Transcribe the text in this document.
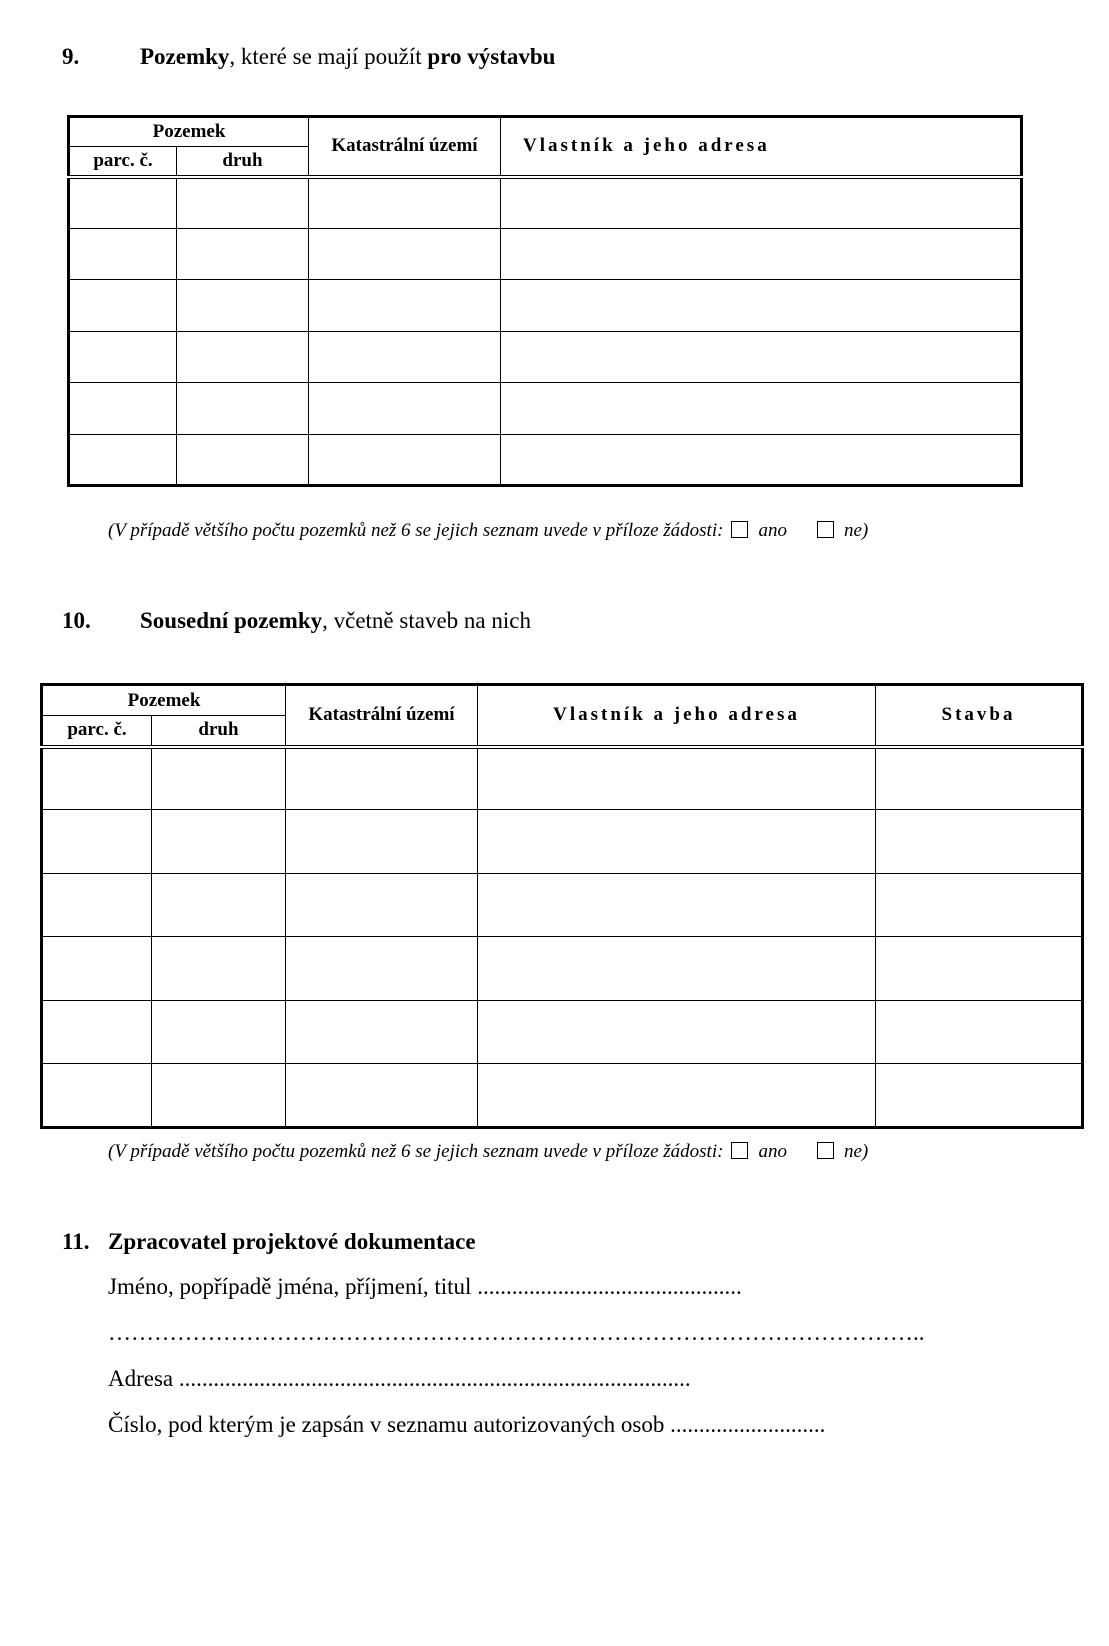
9.	Pozemky, které se mají použít pro výstavbu
Pozemek		Katastrální území	Vlastník a jeho adresa
parc. č.	druh		

(V případě většího počtu pozemků než 6 se jejich seznam uvede v příloze žádosti: ano	ne)
10. Sousední pozemky, včetně staveb na nich
Pozemek		Katastrální území	Vlastník a jeho adresa	Stavba
parc. č.	druh			

(V případě většího počtu pozemků než 6 se jejich seznam uvede v příloze žádosti: ano	ne)
11. Zpracovatel projektové dokumentace
Jméno, popřípadě jména, příjmení, titul ..............................................
……………………………………………………………………………………………..
Adresa .........................................................................................
Číslo, pod kterým je zapsán v seznamu autorizovaných osob ...........................
